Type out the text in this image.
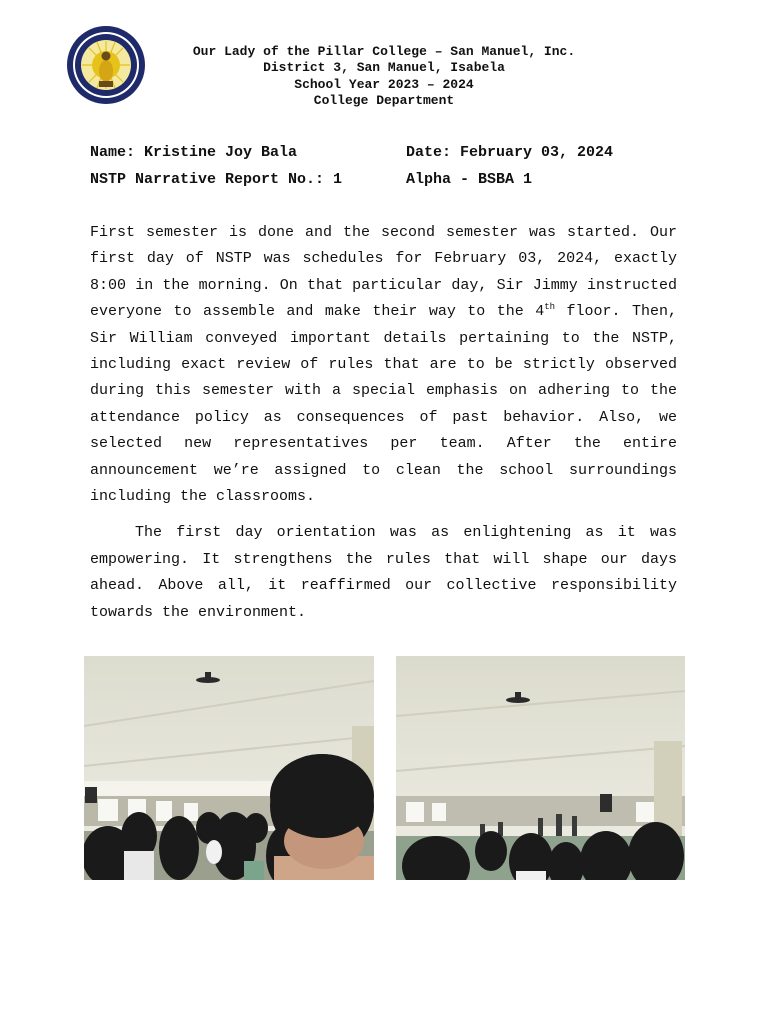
Our Lady of the Pillar College – San Manuel, Inc.
District 3, San Manuel, Isabela
School Year 2023 – 2024
College Department
Name: Kristine Joy Bala	Date: February 03, 2024
NSTP Narrative Report No.: 1	Alpha - BSBA 1

First semester is done and the second semester was started. Our first day of NSTP was schedules for February 03, 2024, exactly 8:00 in the morning. On that particular day, Sir Jimmy instructed everyone to assemble and make their way to the 4th floor. Then, Sir William conveyed important details pertaining to the NSTP, including exact review of rules that are to be strictly observed during this semester with a special emphasis on adhering to the attendance policy as consequences of past behavior. Also, we selected new representatives per team. After the entire announcement we’re assigned to clean the school surroundings including the classrooms.

The first day orientation was as enlightening as it was empowering. It strengthens the rules that will shape our days ahead. Above all, it reaffirmed our collective responsibility towards the environment.
